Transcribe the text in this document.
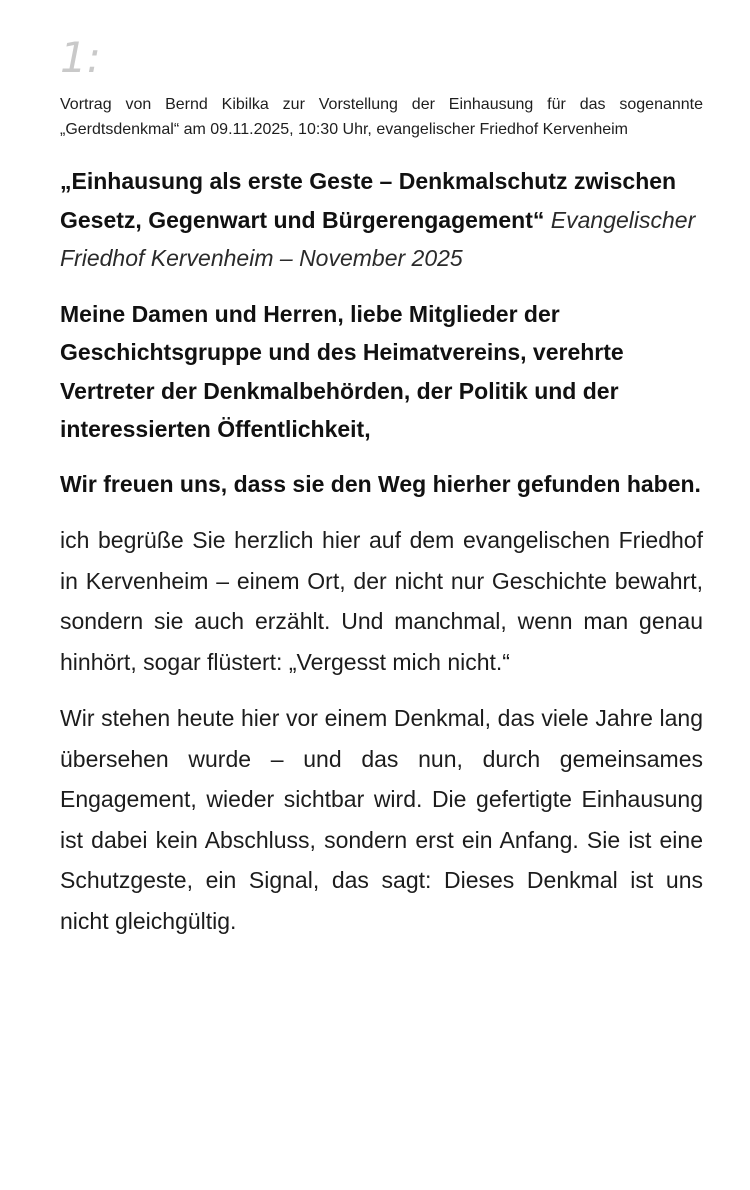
1:

Vortrag von Bernd Kibilka zur Vorstellung der Einhausung für das sogenannte „Gerdtsdenkmal“ am 09.11.2025, 10:30 Uhr, evangelischer Friedhof Kervenheim

„Einhausung als erste Geste – Denkmalschutz zwischen Gesetz, Gegenwart und Bürgerengagement“ Evangelischer Friedhof Kervenheim – November 2025

Meine Damen und Herren, liebe Mitglieder der Geschichtsgruppe und des Heimatvereins, verehrte Vertreter der Denkmalbehörden, der Politik und der interessierten Öffentlichkeit,

Wir freuen uns, dass sie den Weg hierher gefunden haben.

ich begrüße Sie herzlich hier auf dem evangelischen Friedhof in Kervenheim – einem Ort, der nicht nur Geschichte bewahrt, sondern sie auch erzählt. Und manchmal, wenn man genau hinhört, sogar flüstert: „Vergesst mich nicht.“

Wir stehen heute hier vor einem Denkmal, das viele Jahre lang übersehen wurde – und das nun, durch gemeinsames Engagement, wieder sichtbar wird. Die gefertigte Einhausung ist dabei kein Abschluss, sondern erst ein Anfang. Sie ist eine Schutzgeste, ein Signal, das sagt: Dieses Denkmal ist uns nicht gleichgültig.
